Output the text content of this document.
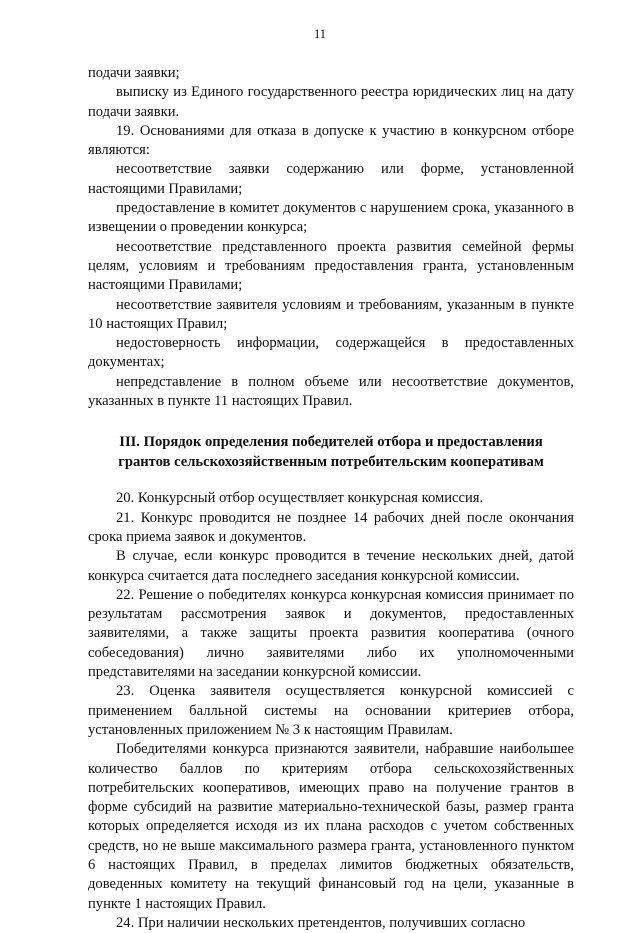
11

подачи заявки;

выписку из Единого государственного реестра юридических лиц на дату подачи заявки.

19. Основаниями для отказа в допуске к участию в конкурсном отборе являются:

несоответствие заявки содержанию или форме, установленной настоящими Правилами;

предоставление в комитет документов с нарушением срока, указанного в извещении о проведении конкурса;

несоответствие представленного проекта развития семейной фермы целям, условиям и требованиям предоставления гранта, установленным настоящими Правилами;

несоответствие заявителя условиям и требованиям, указанным в пункте 10 настоящих Правил;

недостоверность информации, содержащейся в предоставленных документах;

непредставление в полном объеме или несоответствие документов, указанных в пункте 11 настоящих Правил.

III. Порядок определения победителей отбора и предоставления
грантов сельскохозяйственным потребительским кооперативам

20. Конкурсный отбор осуществляет конкурсная комиссия.

21. Конкурс проводится не позднее 14 рабочих дней после окончания срока приема заявок и документов.

В случае, если конкурс проводится в течение нескольких дней, датой конкурса считается дата последнего заседания конкурсной комиссии.

22. Решение о победителях конкурса конкурсная комиссия принимает по результатам рассмотрения заявок и документов, предоставленных заявителями, а также защиты проекта развития кооператива (очного собеседования) лично заявителями либо их уполномоченными представителями на заседании конкурсной комиссии.

23. Оценка заявителя осуществляется конкурсной комиссией с применением балльной системы на основании критериев отбора, установленных приложением № 3 к настоящим Правилам.

Победителями конкурса признаются заявители, набравшие наибольшее количество баллов по критериям отбора сельскохозяйственных потребительских кооперативов, имеющих право на получение грантов в форме субсидий на развитие материально-технической базы, размер гранта которых определяется исходя из их плана расходов с учетом собственных средств, но не выше максимального размера гранта, установленного пунктом 6 настоящих Правил, в пределах лимитов бюджетных обязательств, доведенных комитету на текущий финансовый год на цели, указанные в пункте 1 настоящих Правил.

24. При наличии нескольких претендентов, получивших согласно
